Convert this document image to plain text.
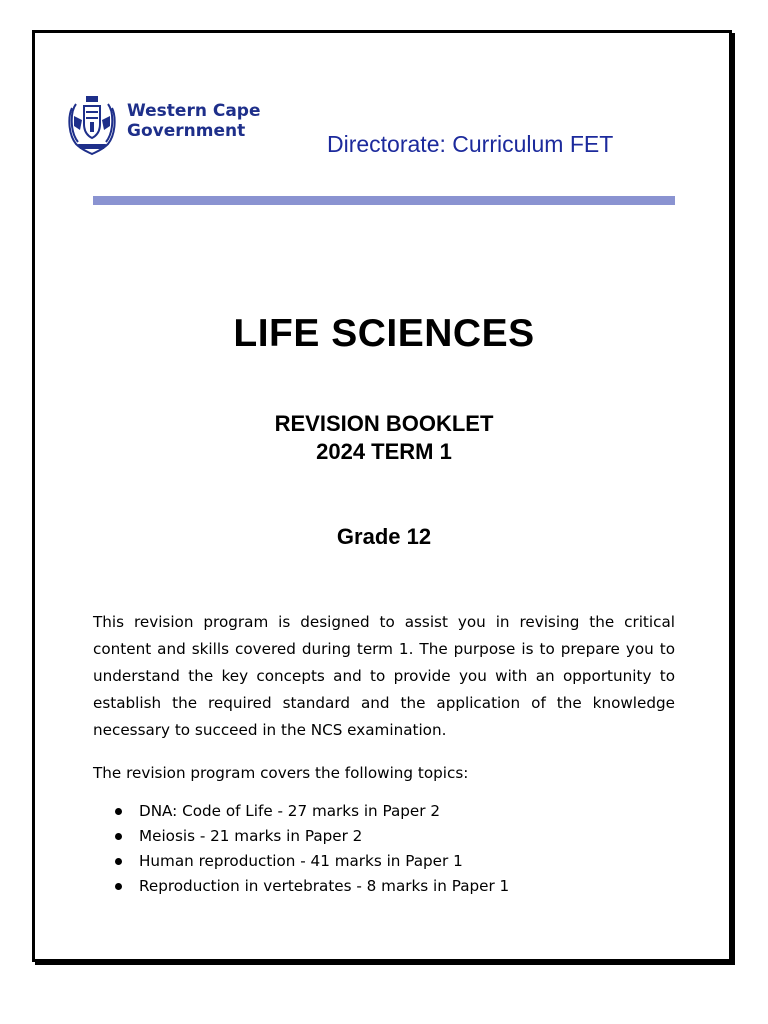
Western Cape
Government	Directorate: Curriculum FET
LIFE SCIENCES
REVISION BOOKLET
2024 TERM 1
Grade 12
This revision program is designed to assist you in revising the critical content and skills covered during term 1. The purpose is to prepare you to understand the key concepts and to provide you with an opportunity to establish the required standard and the application of the knowledge necessary to succeed in the NCS examination.
The revision program covers the following topics:
DNA: Code of Life - 27 marks in Paper 2
Meiosis - 21 marks in Paper 2
Human reproduction - 41 marks in Paper 1
Reproduction in vertebrates - 8 marks in Paper 1
